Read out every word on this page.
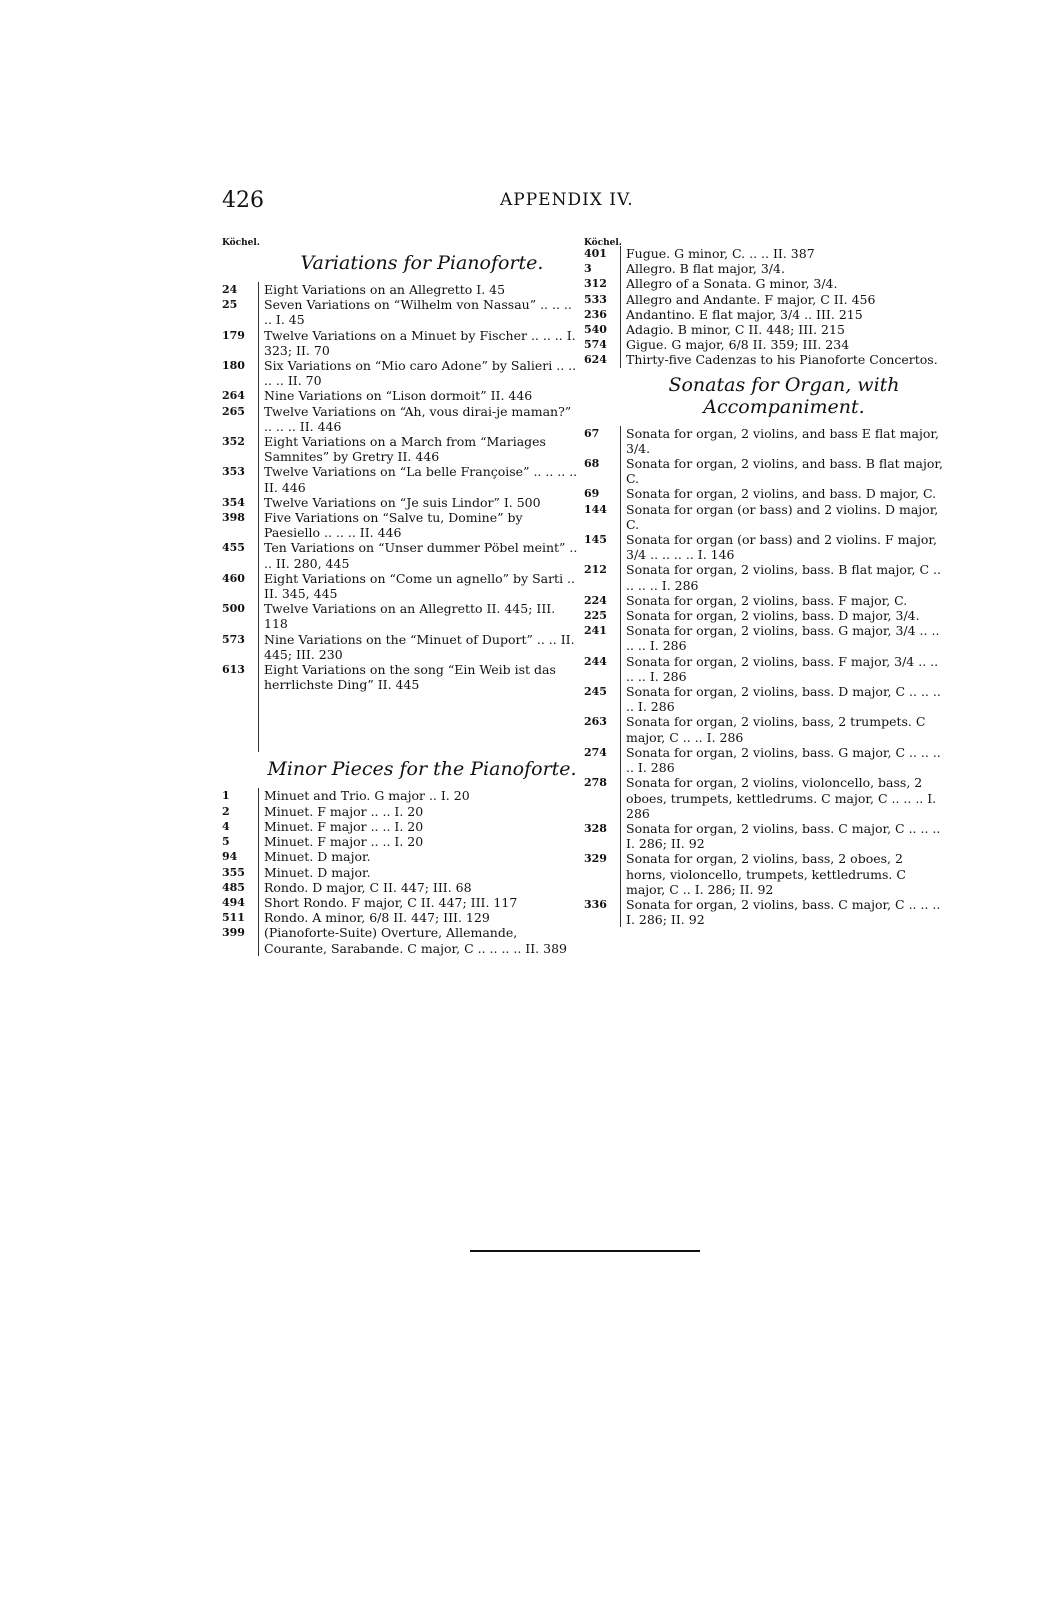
426	APPENDIX IV.
Köchel.
Variations for Pianoforte.
24	Eight Variations on an Allegretto I. 45
25	Seven Variations on “Wilhelm von Nassau” .. .. .. .. I. 45
179	Twelve Variations on a Minuet by Fischer .. .. .. I. 323; II. 70
180	Six Variations on “Mio caro Adone” by Salieri .. .. .. .. II. 70
264	Nine Variations on “Lison dormoit” II. 446
265	Twelve Variations on “Ah, vous dirai-je maman?” .. .. .. II. 446
352	Eight Variations on a March from “Mariages Samnites” by Gretry II. 446
353	Twelve Variations on “La belle Françoise” .. .. .. .. II. 446
354	Twelve Variations on “Je suis Lindor” I. 500
398	Five Variations on “Salve tu, Domine” by Paesiello .. .. .. II. 446
455	Ten Variations on “Unser dummer Pöbel meint” .. .. II. 280, 445
460	Eight Variations on “Come un agnello” by Sarti .. II. 345, 445
500	Twelve Variations on an Allegretto II. 445; III. 118
573	Nine Variations on the “Minuet of Duport” .. .. II. 445; III. 230
613	Eight Variations on the song “Ein Weib ist das herrlichste Ding” II. 445
Minor Pieces for the Pianoforte.
1	Minuet and Trio. G major .. I. 20
2	Minuet. F major .. .. I. 20
4	Minuet. F major .. .. I. 20
5	Minuet. F major .. .. I. 20
94	Minuet. D major.
355	Minuet. D major.
485	Rondo. D major, C II. 447; III. 68
494	Short Rondo. F major, C II. 447; III. 117
511	Rondo. A minor, 6/8 II. 447; III. 129
399	(Pianoforte-Suite) Overture, Allemande, Courante, Sarabande. C major, C .. .. .. .. II. 389
Köchel.
401	Fugue. G minor, C. .. .. II. 387
3	Allegro. B flat major, 3/4.
312	Allegro of a Sonata. G minor, 3/4.
533	Allegro and Andante. F major, C II. 456
236	Andantino. E flat major, 3/4 .. III. 215
540	Adagio. B minor, C II. 448; III. 215
574	Gigue. G major, 6/8 II. 359; III. 234
624	Thirty-five Cadenzas to his Pianoforte Concertos.
Sonatas for Organ, with Accompaniment.
67	Sonata for organ, 2 violins, and bass E flat major, 3/4.
68	Sonata for organ, 2 violins, and bass. B flat major, C.
69	Sonata for organ, 2 violins, and bass. D major, C.
144	Sonata for organ (or bass) and 2 violins. D major, C.
145	Sonata for organ (or bass) and 2 violins. F major, 3/4 .. .. .. .. I. 146
212	Sonata for organ, 2 violins, bass. B flat major, C .. .. .. .. I. 286
224	Sonata for organ, 2 violins, bass. F major, C.
225	Sonata for organ, 2 violins, bass. D major, 3/4.
241	Sonata for organ, 2 violins, bass. G major, 3/4 .. .. .. .. I. 286
244	Sonata for organ, 2 violins, bass. F major, 3/4 .. .. .. .. I. 286
245	Sonata for organ, 2 violins, bass. D major, C .. .. .. .. I. 286
263	Sonata for organ, 2 violins, bass, 2 trumpets. C major, C .. .. I. 286
274	Sonata for organ, 2 violins, bass. G major, C .. .. .. .. I. 286
278	Sonata for organ, 2 violins, violoncello, bass, 2 oboes, trumpets, kettledrums. C major, C .. .. .. I. 286
328	Sonata for organ, 2 violins, bass. C major, C .. .. .. I. 286; II. 92
329	Sonata for organ, 2 violins, bass, 2 oboes, 2 horns, violoncello, trumpets, kettledrums. C major, C .. I. 286; II. 92
336	Sonata for organ, 2 violins, bass. C major, C .. .. .. I. 286; II. 92
